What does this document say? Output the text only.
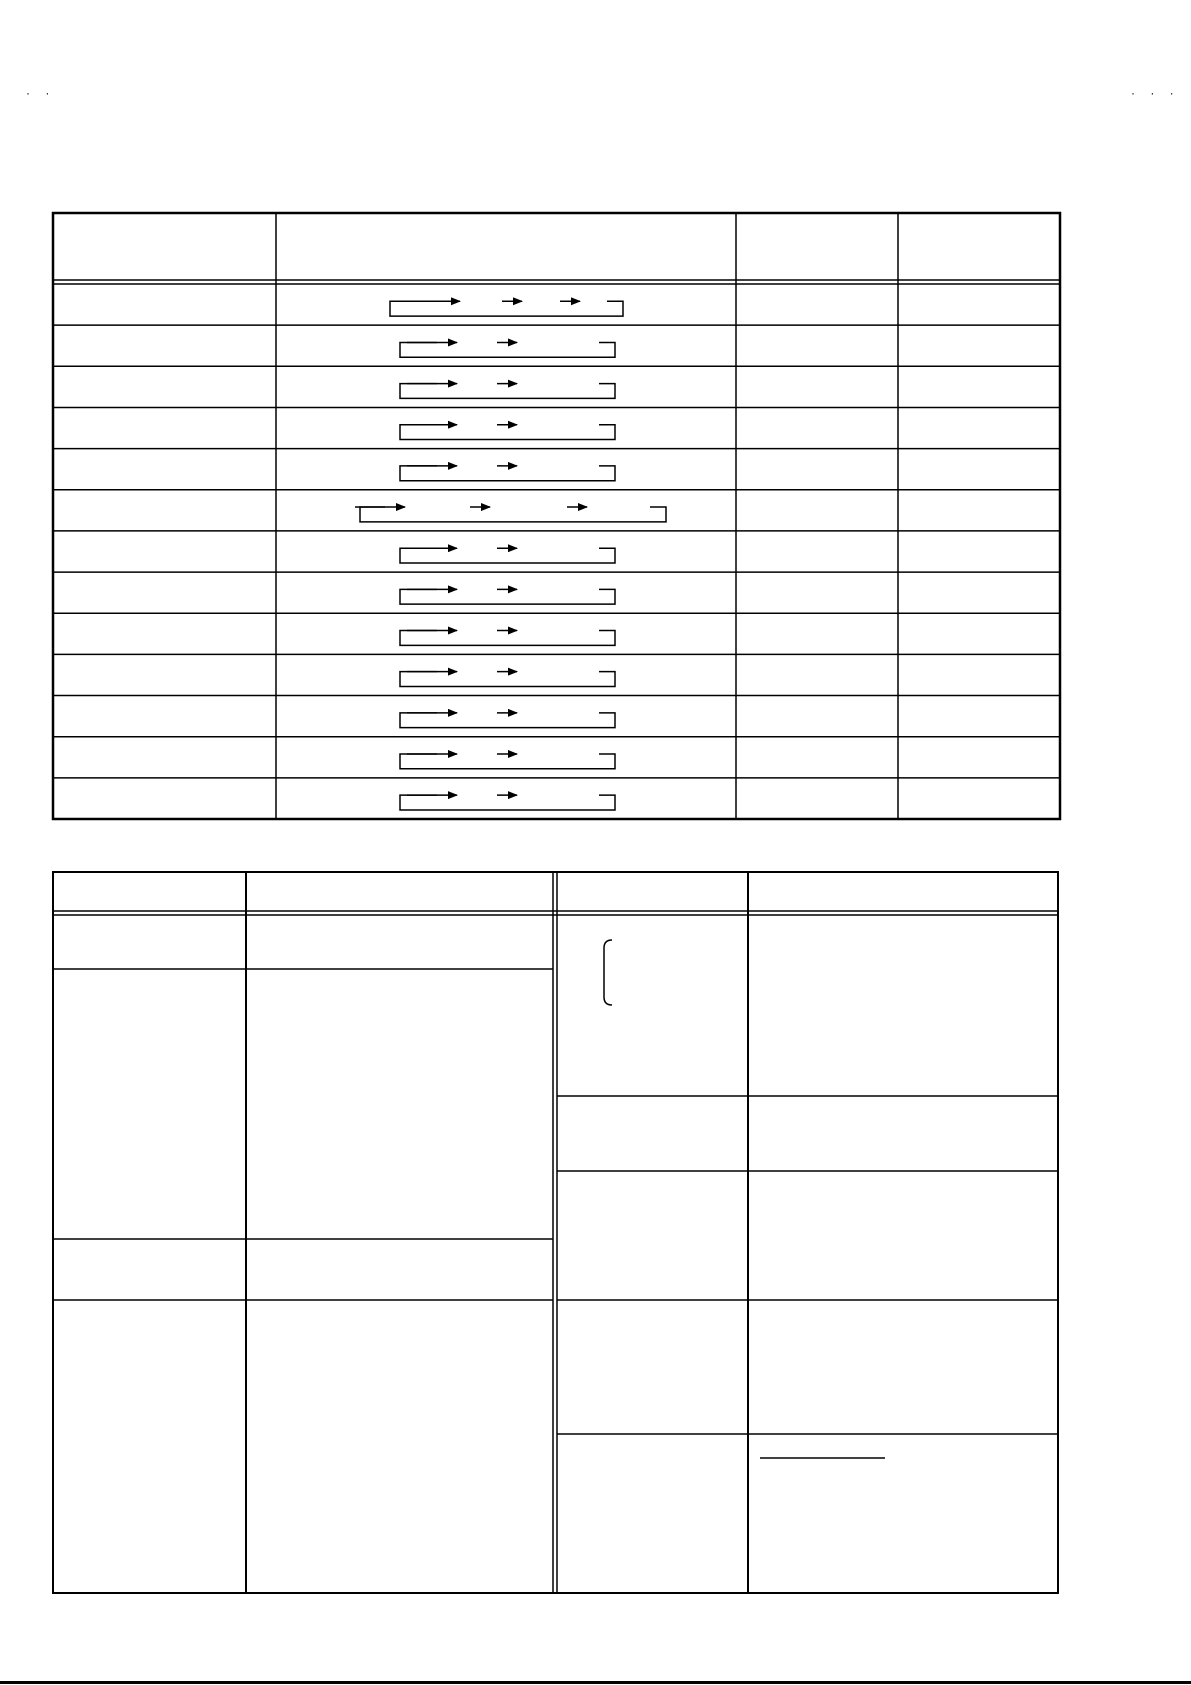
· ·	· · ·
